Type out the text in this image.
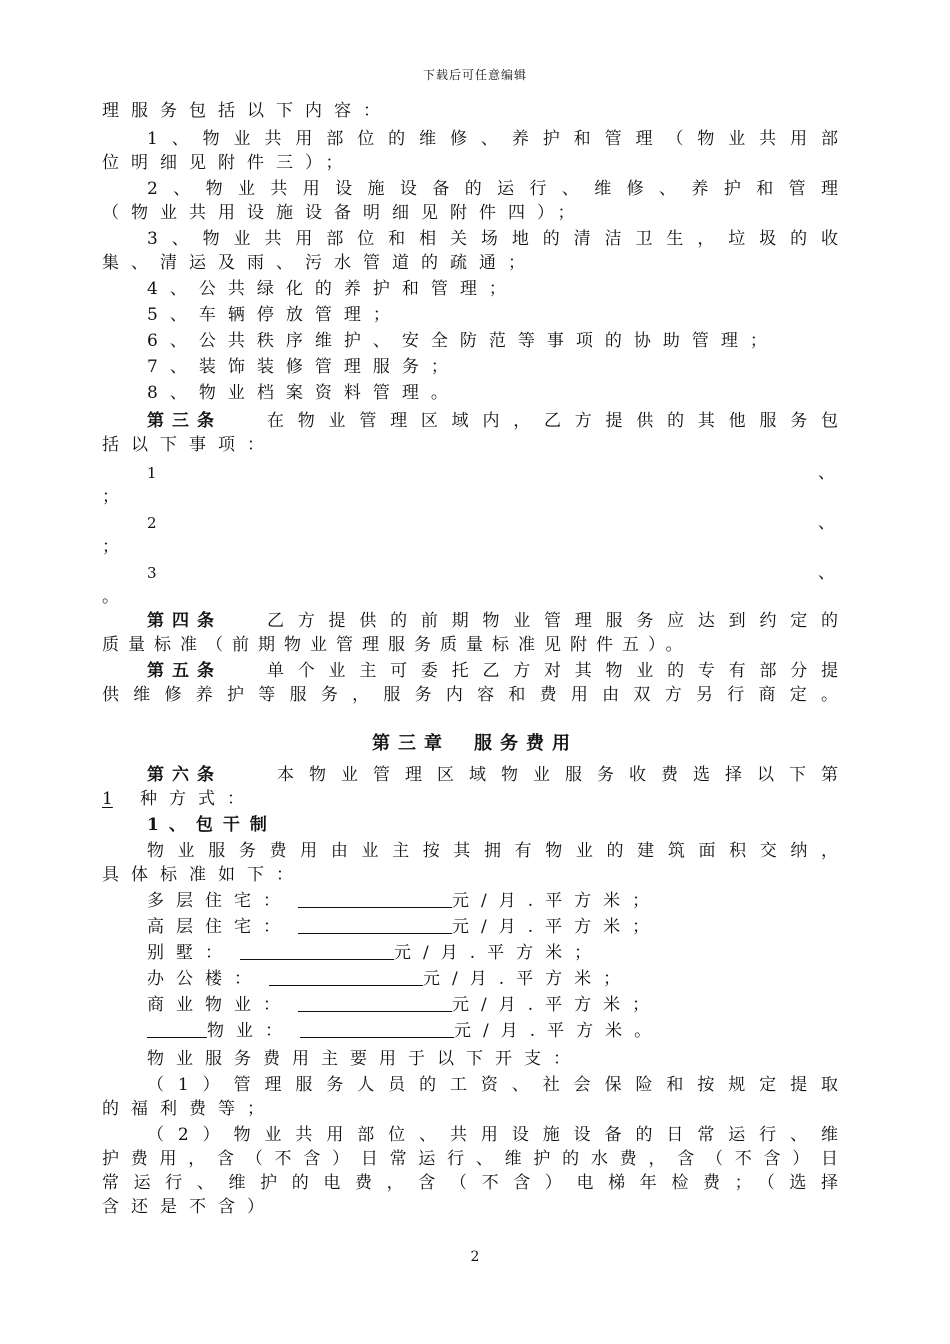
下载后可任意编辑
理服务包括以下内容：
1、物业共用部位的维修、养护和管理（物业共用部
位明细见附件三）；
2、物业共用设施设备的运行、维修、养护和管理
（物业共用设施设备明细见附件四）；
3、物业共用部位和相关场地的清洁卫生，垃圾的收
集、清运及雨、污水管道的疏通；
4、公共绿化的养护和管理；
5、车辆停放管理；
6、公共秩序维护、安全防范等事项的协助管理；
7、装饰装修管理服务；
8、物业档案资料管理。
第三条	在物业管理区域内，乙方提供的其他服务包
括以下事项：
1	、
；
2	、
；
3	、
。
第四条	乙方提供的前期物业管理服务应达到约定的
质量标准（前期物业管理服务质量标准见附件五）。
第五条	单个业主可委托乙方对其物业的专有部分提
供维修养护等服务，服务内容和费用由双方另行商定。
第三章 服务费用
第六条	本物业管理区域物业服务收费选择以下第
1 种方式：
1、包干制
物业服务费用由业主按其拥有物业的建筑面积交纳，
具体标准如下：
多层住宅：	元/月.平方米；
高层住宅：	元/月.平方米；
别墅：	元/月.平方米；
办公楼：	元/月.平方米；
商业物业：	元/月.平方米；
物业：	元/月.平方米。
物业服务费用主要用于以下开支：
（1）管理服务人员的工资、社会保险和按规定提取
的福利费等；
（2）物业共用部位、共用设施设备的日常运行、维
护费用，含（不含）日常运行、维护的水费，含（不含）日
常运行、维护的电费，含（不含）电梯年检费；（选择
含还是不含）
2
